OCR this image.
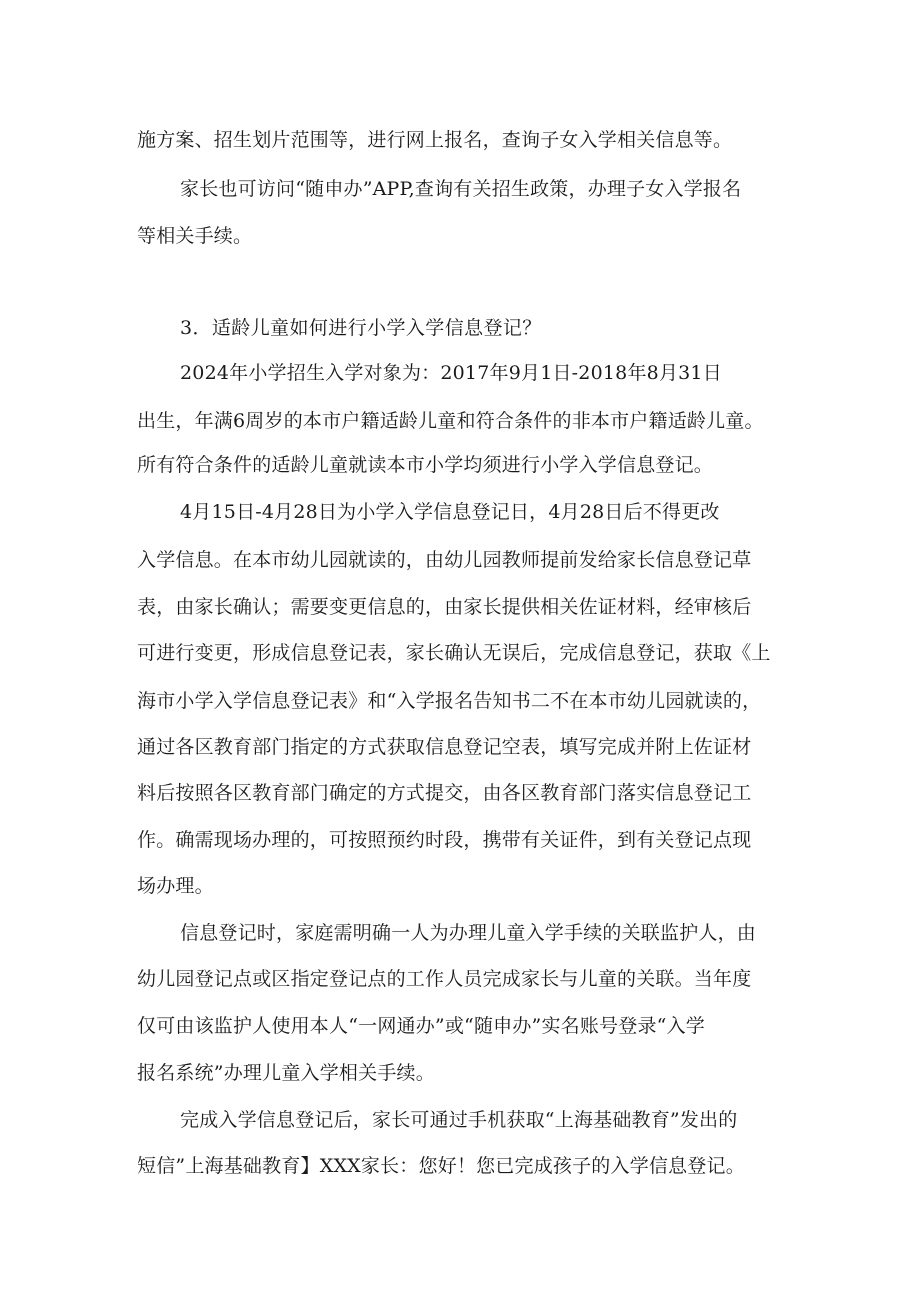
施方案、招生划片范围等，进行网上报名，查询子女入学相关信息等。
家长也可访问“随申办”APP,查询有关招生政策，办理子女入学报名
等相关手续。
3．适龄儿童如何进行小学入学信息登记？
2024年小学招生入学对象为：2017年9月1日-2018年8月31日
出生，年满6周岁的本市户籍适龄儿童和符合条件的非本市户籍适龄儿童。
所有符合条件的适龄儿童就读本市小学均须进行小学入学信息登记。
4月15日-4月28日为小学入学信息登记日，4月28日后不得更改
入学信息。在本市幼儿园就读的，由幼儿园教师提前发给家长信息登记草
表，由家长确认；需要变更信息的，由家长提供相关佐证材料，经审核后
可进行变更，形成信息登记表，家长确认无误后，完成信息登记，获取《上
海市小学入学信息登记表》和“入学报名告知书二不在本市幼儿园就读的，
通过各区教育部门指定的方式获取信息登记空表，填写完成并附上佐证材
料后按照各区教育部门确定的方式提交，由各区教育部门落实信息登记工
作。确需现场办理的，可按照预约时段，携带有关证件，到有关登记点现
场办理。
信息登记时，家庭需明确一人为办理儿童入学手续的关联监护人，由
幼儿园登记点或区指定登记点的工作人员完成家长与儿童的关联。当年度
仅可由该监护人使用本人“一网通办”或“随申办”实名账号登录“入学
报名系统”办理儿童入学相关手续。
完成入学信息登记后，家长可通过手机获取“上海基础教育”发出的
短信”上海基础教育】XXX家长：您好！您已完成孩子的入学信息登记。
